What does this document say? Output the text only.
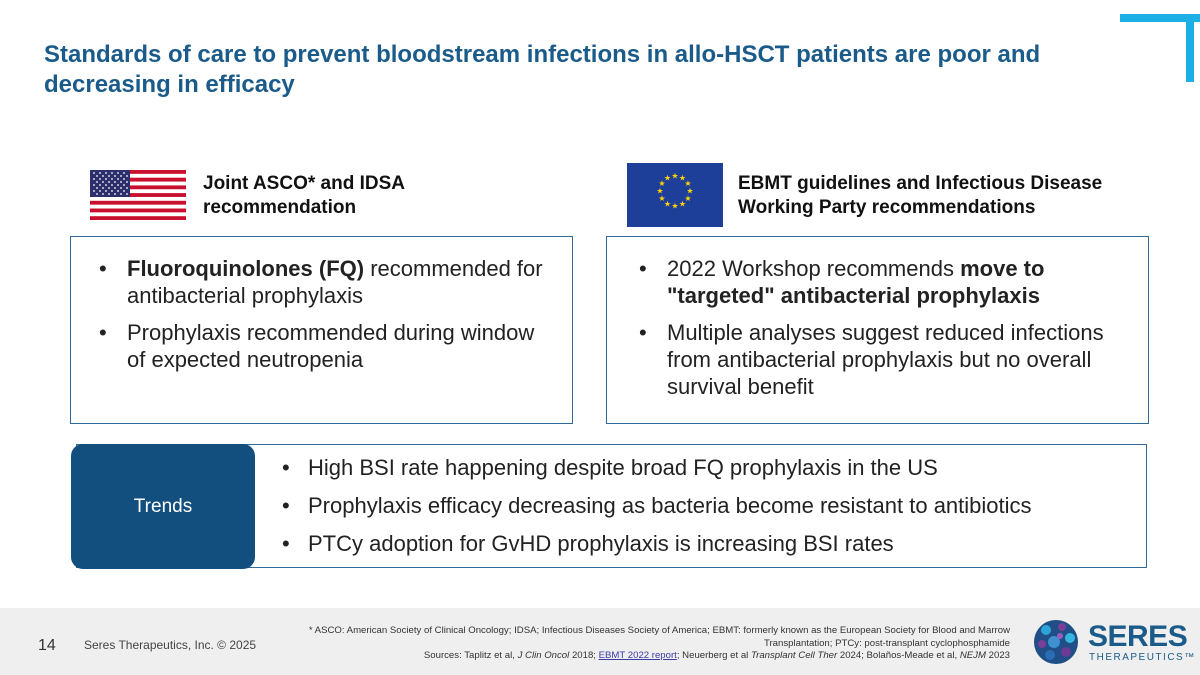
Standards of care to prevent bloodstream infections in allo-HSCT patients are poor and decreasing in efficacy
Joint ASCO* and IDSA recommendation
★ ★
★
★
★
★
★
★
★
★
★
★	EBMT guidelines and Infectious Disease Working Party recommendations
• Fluoroquinolones (FQ) recommended for antibacterial prophylaxis
• Prophylaxis recommended during window of expected neutropenia
• 2022 Workshop recommends move to "targeted" antibacterial prophylaxis
• Multiple analyses suggest reduced infections from antibacterial prophylaxis but no overall survival benefit
Trends
• High BSI rate happening despite broad FQ prophylaxis in the US
• Prophylaxis efficacy decreasing as bacteria become resistant to antibiotics
• PTCy adoption for GvHD prophylaxis is increasing BSI rates
14 Seres Therapeutics, Inc. © 2025
* ASCO: American Society of Clinical Oncology; IDSA; Infectious Diseases Society of America; EBMT: formerly known as the European Society for Blood and Marrow Transplantation; PTCy: post-transplant cyclophosphamide
Sources: Taplitz et al, J Clin Oncol 2018; EBMT 2022 report; Neuerberg et al Transplant Cell Ther 2024; Bolaños-Meade et al, NEJM 2023
SERES
THERAPEUTICS™
